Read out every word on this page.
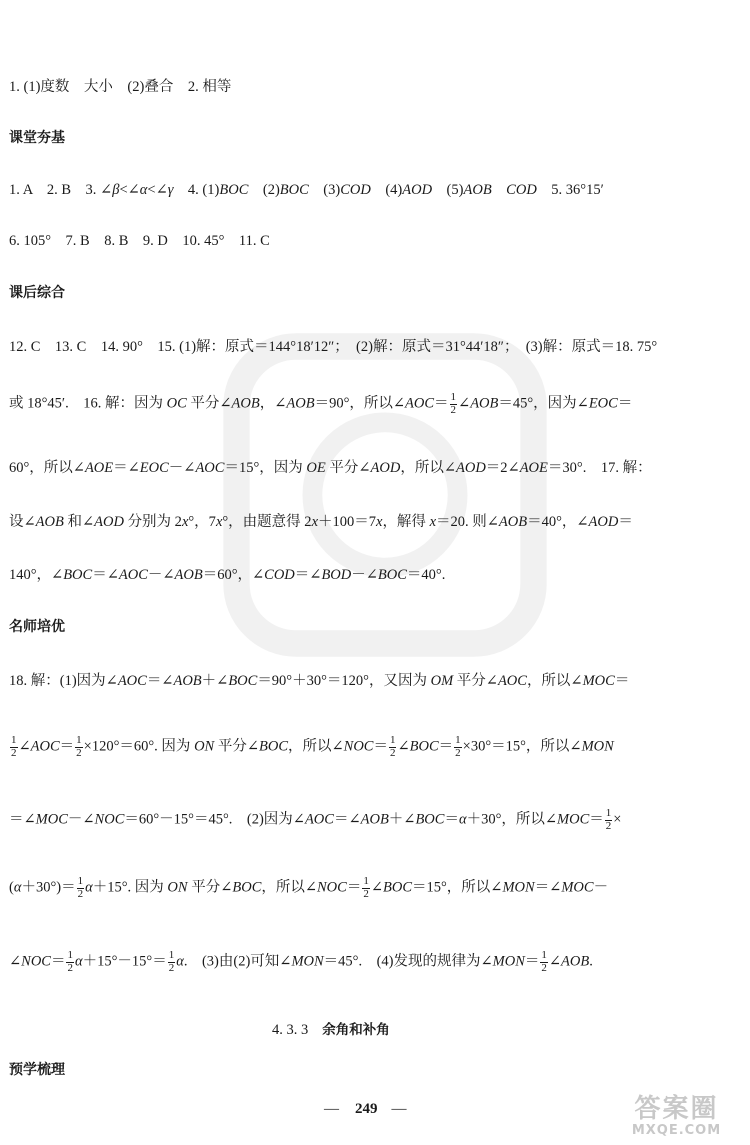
1. (1)度数　大小　(2)叠合　2. 相等
课堂夯基
1. A　2. B　3. ∠β<∠α<∠γ　4. (1)BOC　(2)BOC　(3)COD　(4)AOD　(5)AOB　COD　5. 36°15′
6. 105°　7. B　8. B　9. D　10. 45°　11. C
课后综合
12. C　13. C　14. 90°　15. (1)解：原式＝144°18′12″；　(2)解：原式＝31°44′18″；　(3)解：原式＝18. 75°
或 18°45′.　16. 解：因为 OC 平分∠AOB，∠AOB＝90°，所以∠AOC＝ $\frac{1}{2}$ ∠AOB＝45°，因为∠EOC＝
60°，所以∠AOE＝∠EOC－∠AOC＝15°，因为 OE 平分∠AOD，所以∠AOD＝2∠AOE＝30°.　17. 解：
设∠AOB 和∠AOD 分别为 2x°，7x°，由题意得 2x＋100＝7x，解得 x＝20. 则∠AOB＝40°，∠AOD＝
140°，∠BOC＝∠AOC－∠AOB＝60°，∠COD＝∠BOD－∠BOC＝40°.
名师培优
18. 解：(1)因为∠AOC＝∠AOB＋∠BOC＝90°＋30°＝120°，又因为 OM 平分∠AOC，所以∠MOC＝
$\frac{1}{2}$ ∠AOC＝ $\frac{1}{2} \times 120^\circ=60^\circ$. 因为 ON 平分∠BOC，所以∠NOC＝ $\frac{1}{2}$ ∠BOC＝ $\frac{1}{2} \times 30^\circ=15^\circ$，所以∠MON
＝∠MOC－∠NOC＝60°－15°＝45°.　(2)因为∠AOC＝∠AOB＋∠BOC＝α＋30°，所以∠MOC＝ $\frac{1}{2}$ ×
$(\alpha+30^\circ)= \frac{1}{2} \alpha+15^\circ$. 因为 ON 平分∠BOC，所以∠NOC＝ $\frac{1}{2}$ ∠BOC＝15°，所以∠MON＝∠MOC－
∠NOC＝ $\frac{1}{2} \alpha+15^\circ-15^\circ= \frac{1}{2} \alpha$.　(3)由(2)可知∠MON＝45°.　(4)发现的规律为∠MON＝ $\frac{1}{2}$ ∠AOB.
4. 3. 3 余角和补角
预学梳理
— 249 —	答案圈
MXQE.COM
